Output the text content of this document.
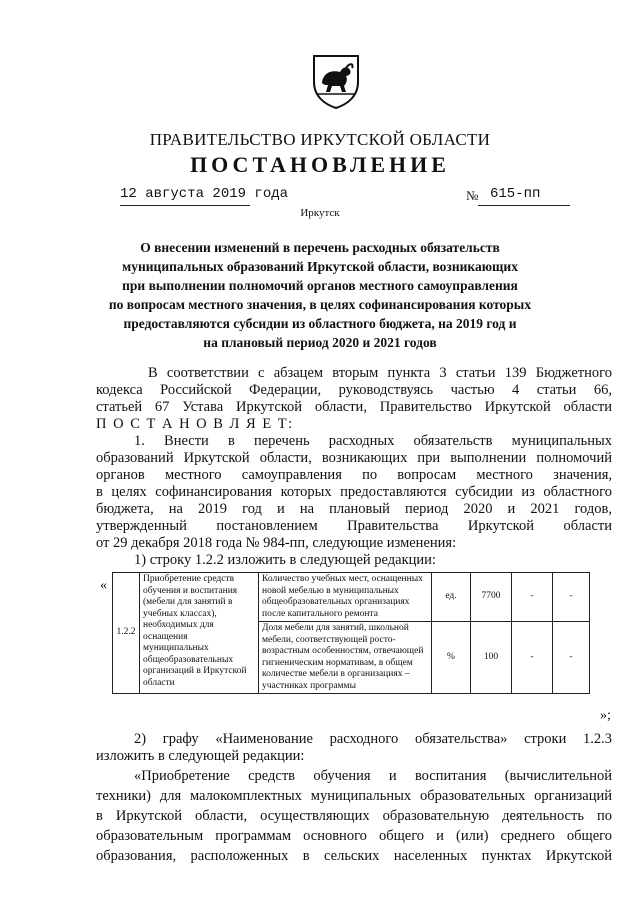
ПРАВИТЕЛЬСТВО ИРКУТСКОЙ ОБЛАСТИ
ПОСТАНОВЛЕНИЕ
12 августа 2019 года	№ 615-пп
Иркутск
О внесении изменений в перечень расходных обязательств
муниципальных образований Иркутской области, возникающих
при выполнении полномочий органов местного самоуправления
по вопросам местного значения, в целях софинансирования которых
предоставляются субсидии из областного бюджета, на 2019 год и
на плановый период 2020 и 2021 годов
В соответствии с абзацем вторым пункта 3 статьи 139 Бюджетного
кодекса Российской Федерации, руководствуясь частью 4 статьи 66,
статьей 67 Устава Иркутской области, Правительство Иркутской области
П О С Т А Н О В Л Я Е Т:
1. Внести в перечень расходных обязательств муниципальных
образований Иркутской области, возникающих при выполнении полномочий
органов местного самоуправления по вопросам местного значения,
в целях софинансирования которых предоставляются субсидии из областного
бюджета, на 2019 год и на плановый период 2020 и 2021 годов,
утвержденный постановлением Правительства Иркутской области
от 29 декабря 2018 года № 984-пп, следующие изменения:
1) строку 1.2.2 изложить в следующей редакции:
«
1.2.2	Приобретение средств обучения и воспитания (мебели для занятий в учебных классах), необходимых для оснащения муниципальных общеобразовательных организаций в Иркутской области	Количество учебных мест, оснащенных новой мебелью в муниципальных общеобразовательных организациях после капитального ремонта	ед.	7700	-	-
		Доля мебели для занятий, школьной мебели, соответствующей росто-возрастным особенностям, отвечающей гигиеническим нормативам, в общем количестве мебели в организациях – участниках программы	%	100	-	-
»;
2) графу «Наименование расходного обязательства» строки 1.2.3
изложить в следующей редакции:
«Приобретение средств обучения и воспитания (вычислительной
техники) для малокомплектных муниципальных образовательных организаций
в Иркутской области, осуществляющих образовательную деятельность по
образовательным программам основного общего и (или) среднего общего
образования, расположенных в сельских населенных пунктах Иркутской
